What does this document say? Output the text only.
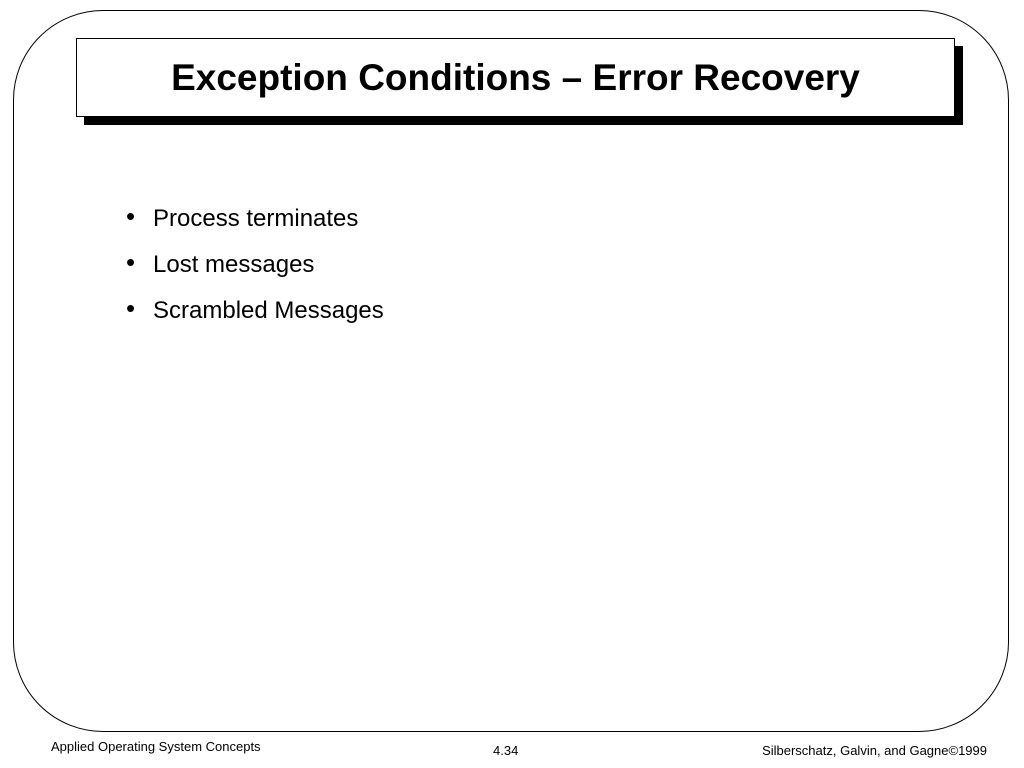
Exception Conditions – Error Recovery
• Process terminates
• Lost messages
• Scrambled Messages
Applied Operating System Concepts	4.34	Silberschatz, Galvin, and Gagne©1999
